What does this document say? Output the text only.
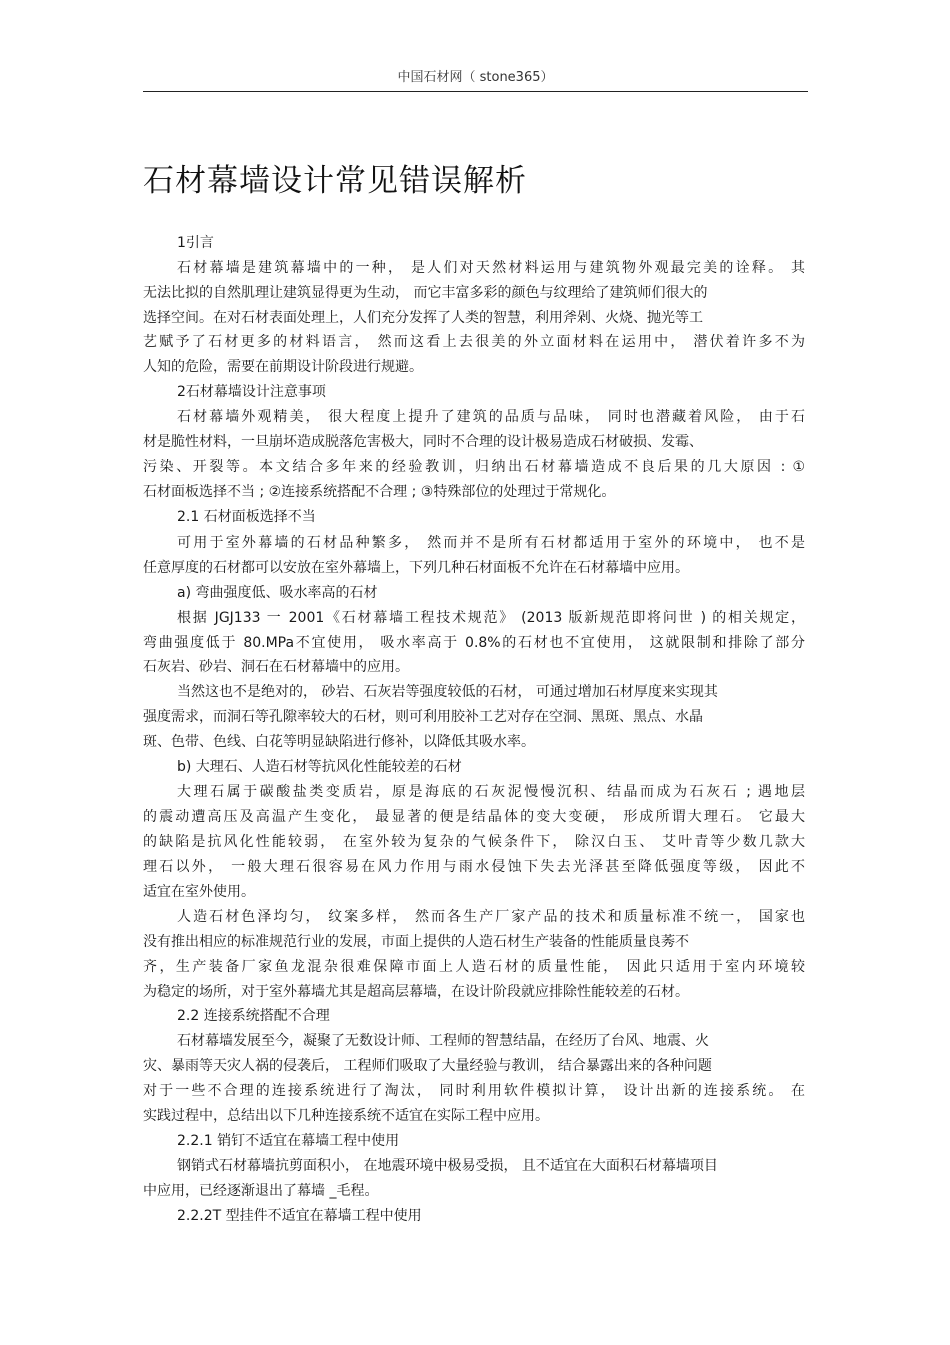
中国石材网（ stone365）
石材幕墙设计常见错误解析
1引言
石材幕墙是建筑幕墙中的一种， 是人们对天然材料运用与建筑物外观最完美的诠释。 其
无法比拟的自然肌理让建筑显得更为生动， 而它丰富多彩的颜色与纹理给了建筑师们很大的
选择空间。在对石材表面处理上，人们充分发挥了人类的智慧，利用斧剁、火烧、抛光等工
艺赋予了石材更多的材料语言， 然而这看上去很美的外立面材料在运用中， 潜伏着许多不为
人知的危险，需要在前期设计阶段进行规避。
2石材幕墙设计注意事项
石材幕墙外观精美， 很大程度上提升了建筑的品质与品味， 同时也潜藏着风险， 由于石
材是脆性材料，一旦崩坏造成脱落危害极大，同时不合理的设计极易造成石材破损、发霉、
污染、开裂等。本文结合多年来的经验教训，归纳出石材幕墙造成不良后果的几大原因 : ①
石材面板选择不当 ; ②连接系统搭配不合理 ; ③特殊部位的处理过于常规化。
2.1 石材面板选择不当
可用于室外幕墙的石材品种繁多， 然而并不是所有石材都适用于室外的环境中， 也不是
任意厚度的石材都可以安放在室外幕墙上，下列几种石材面板不允许在石材幕墙中应用。
a) 弯曲强度低、吸水率高的石材
根据 JGJ133 一 2001《石材幕墙工程技术规范》 (2013 版新规范即将问世 ) 的相关规定，
弯曲强度低于 80.MPa不宜使用， 吸水率高于 0.8%的石材也不宜使用， 这就限制和排除了部分
石灰岩、砂岩、洞石在石材幕墙中的应用。
当然这也不是绝对的， 砂岩、石灰岩等强度较低的石材， 可通过增加石材厚度来实现其
强度需求，而洞石等孔隙率较大的石材，则可利用胶补工艺对存在空洞、黑斑、黑点、水晶
斑、色带、色线、白花等明显缺陷进行修补，以降低其吸水率。
b) 大理石、人造石材等抗风化性能较差的石材
大理石属于碳酸盐类变质岩，原是海底的石灰泥慢慢沉积、结晶而成为石灰石 ; 遇地层
的震动遭高压及高温产生变化， 最显著的便是结晶体的变大变硬， 形成所谓大理石。 它最大
的缺陷是抗风化性能较弱， 在室外较为复杂的气候条件下， 除汉白玉、 艾叶青等少数几款大
理石以外， 一般大理石很容易在风力作用与雨水侵蚀下失去光泽甚至降低强度等级， 因此不
适宜在室外使用。
人造石材色泽均匀， 纹案多样， 然而各生产厂家产品的技术和质量标准不统一， 国家也
没有推出相应的标准规范行业的发展，市面上提供的人造石材生产装备的性能质量良莠不
齐，生产装备厂家鱼龙混杂很难保障市面上人造石材的质量性能， 因此只适用于室内环境较
为稳定的场所，对于室外幕墙尤其是超高层幕墙，在设计阶段就应排除性能较差的石材。
2.2 连接系统搭配不合理
石材幕墙发展至今，凝聚了无数设计师、工程师的智慧结晶，在经历了台风、地震、火
灾、暴雨等天灾人祸的侵袭后， 工程师们吸取了大量经验与教训， 结合暴露出来的各种问题
对于一些不合理的连接系统进行了淘汰， 同时利用软件模拟计算， 设计出新的连接系统。 在
实践过程中，总结出以下几种连接系统不适宜在实际工程中应用。
2.2.1 销钉不适宜在幕墙工程中使用
钢销式石材幕墙抗剪面积小， 在地震环境中极易受损， 且不适宜在大面积石材幕墙项目
中应用，已经逐渐退出了幕墙 _毛程。
2.2.2T 型挂件不适宜在幕墙工程中使用
